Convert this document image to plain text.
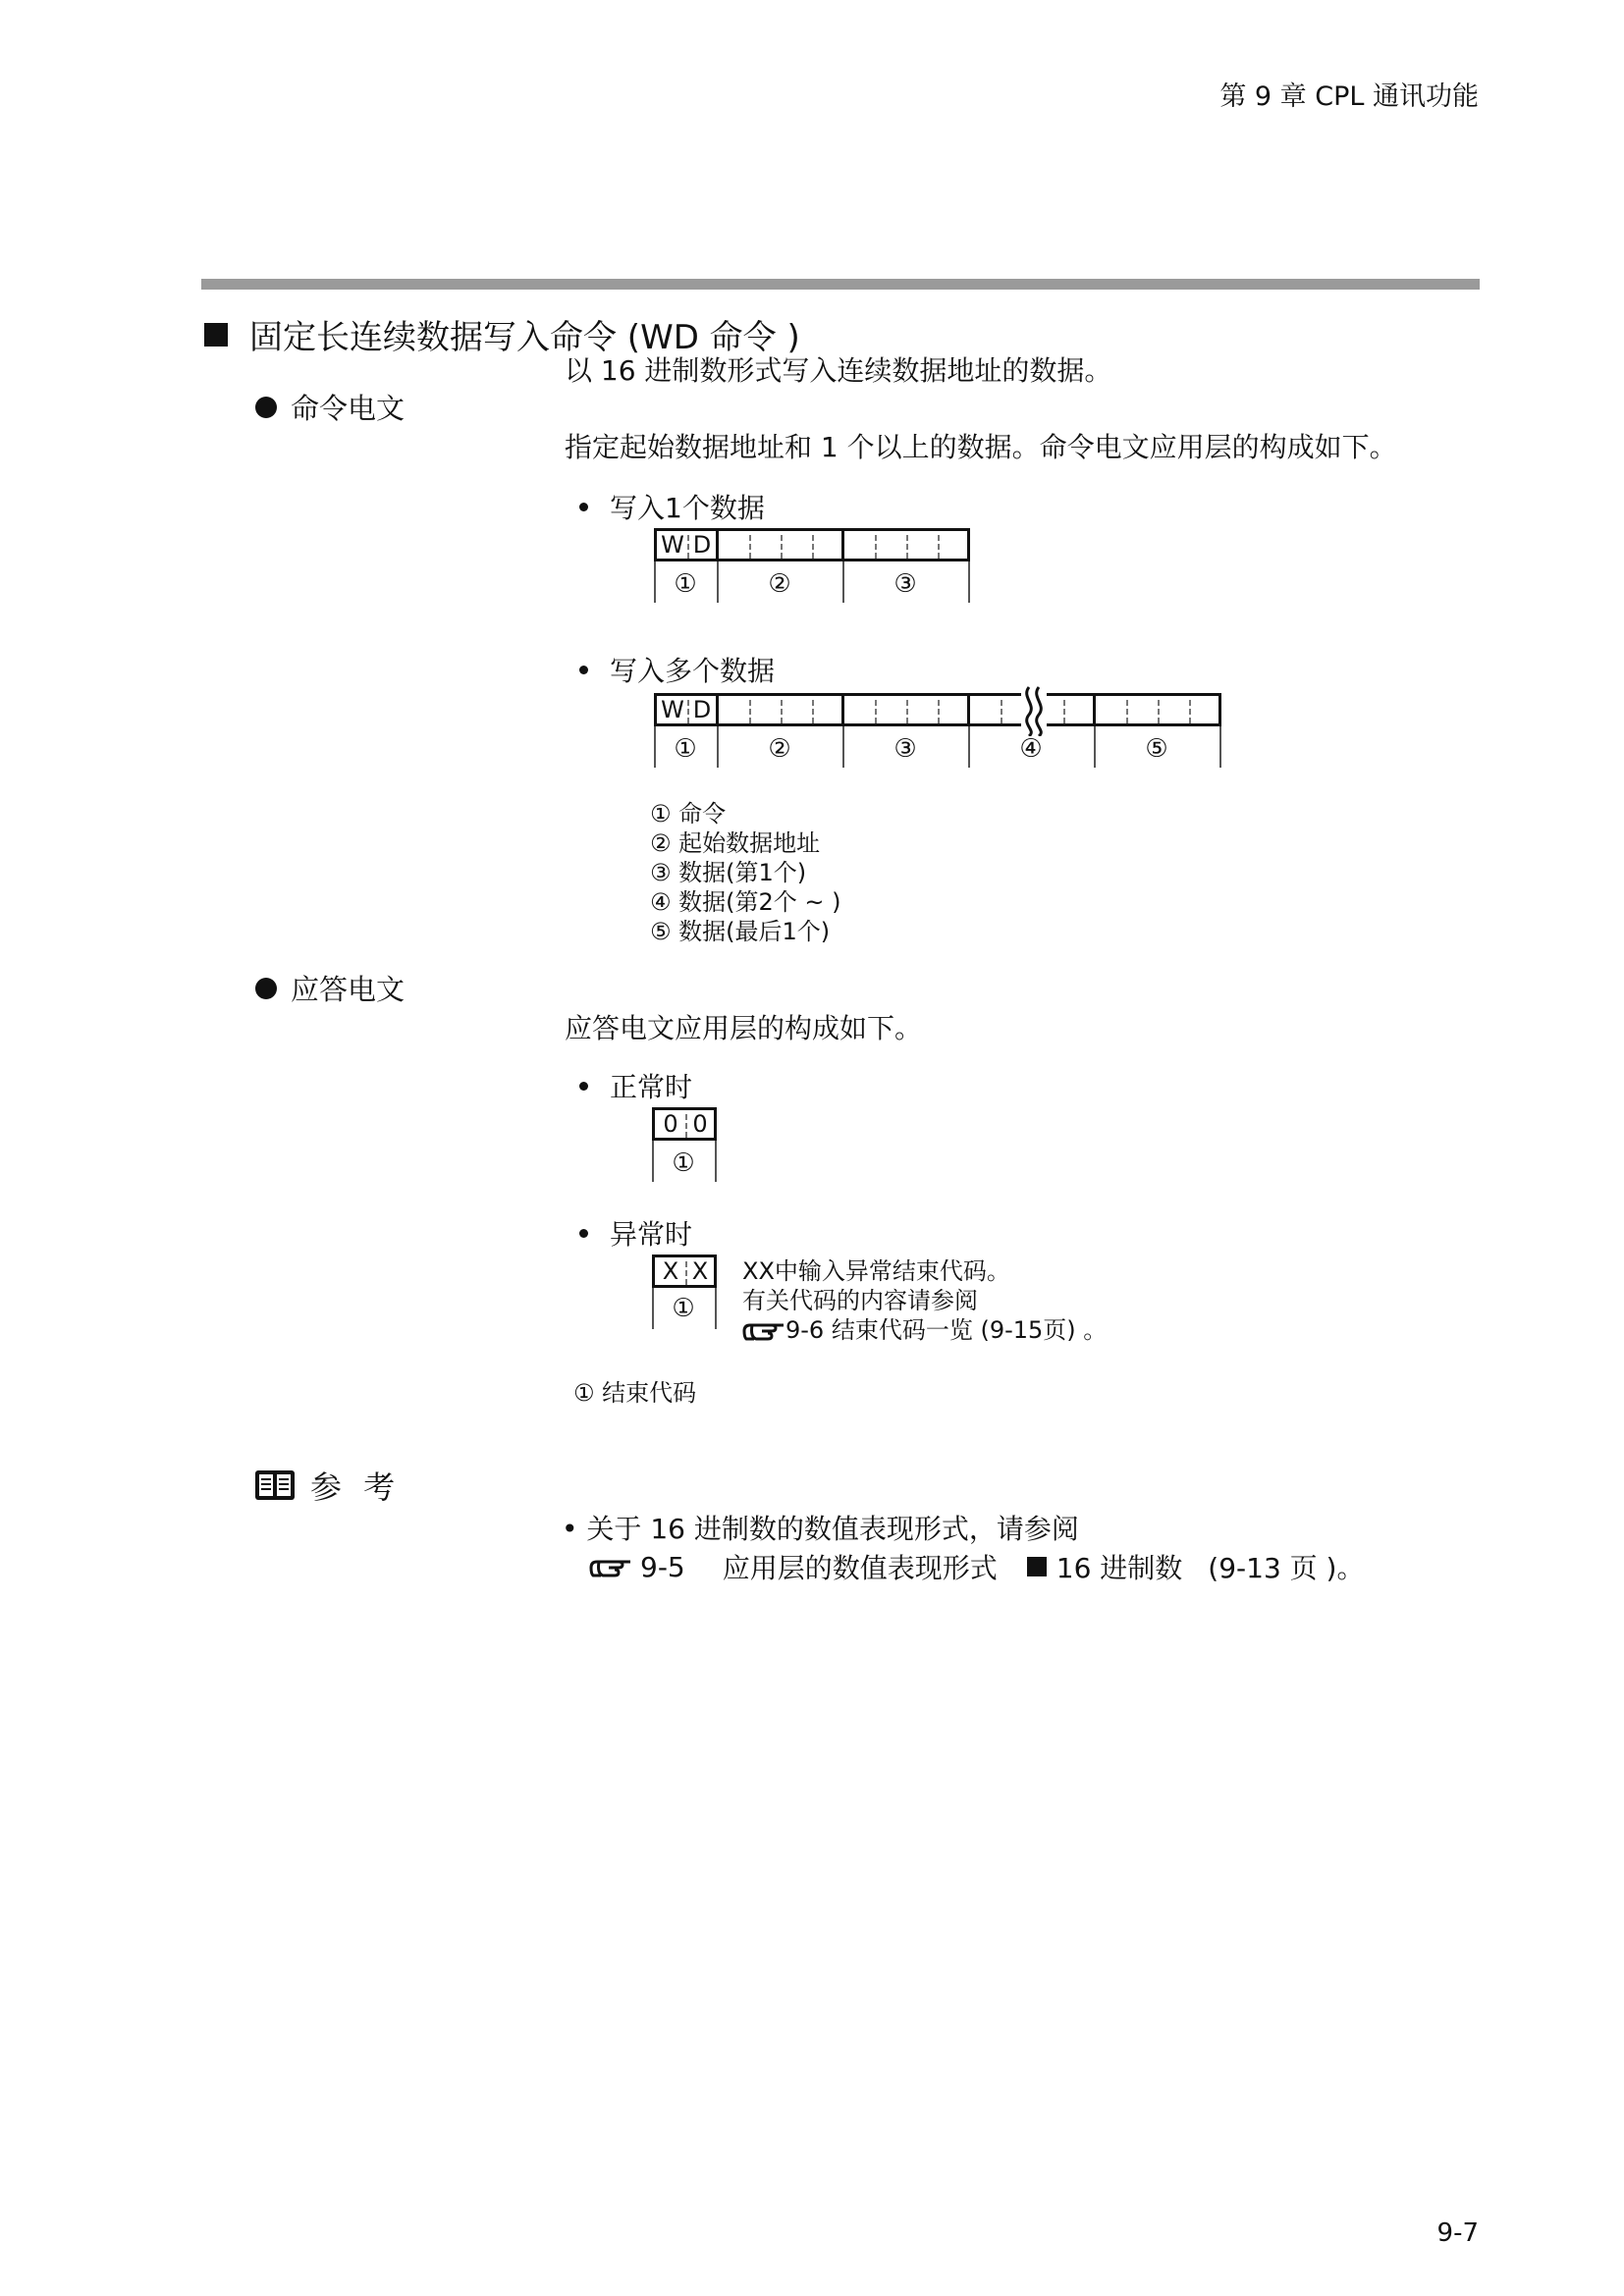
第 9 章 CPL 通讯功能
固定长连续数据写入命令 (WD 命令 )
以 16 进制数形式写入连续数据地址的数据。
命令电文
指定起始数据地址和 1 个以上的数据。命令电文应用层的构成如下。
写入1个数据
W D
①	②	③
写入多个数据
W D
①	②	③	④	⑤
① 命令
② 起始数据地址
③ 数据(第1个)
④ 数据(第2个 ~ )
⑤ 数据(最后1个)
应答电文
应答电文应用层的构成如下。
正常时
0 0
①
异常时
X X
①
XX中输入异常结束代码。
有关代码的内容请参阅
9-6 结束代码一览 (9-15页) 。
① 结束代码
参 考
• 关于 16 进制数的数值表现形式，请参阅
9-5 应用层的数值表现形式 16 进制数 (9-13 页 )。
9-7
